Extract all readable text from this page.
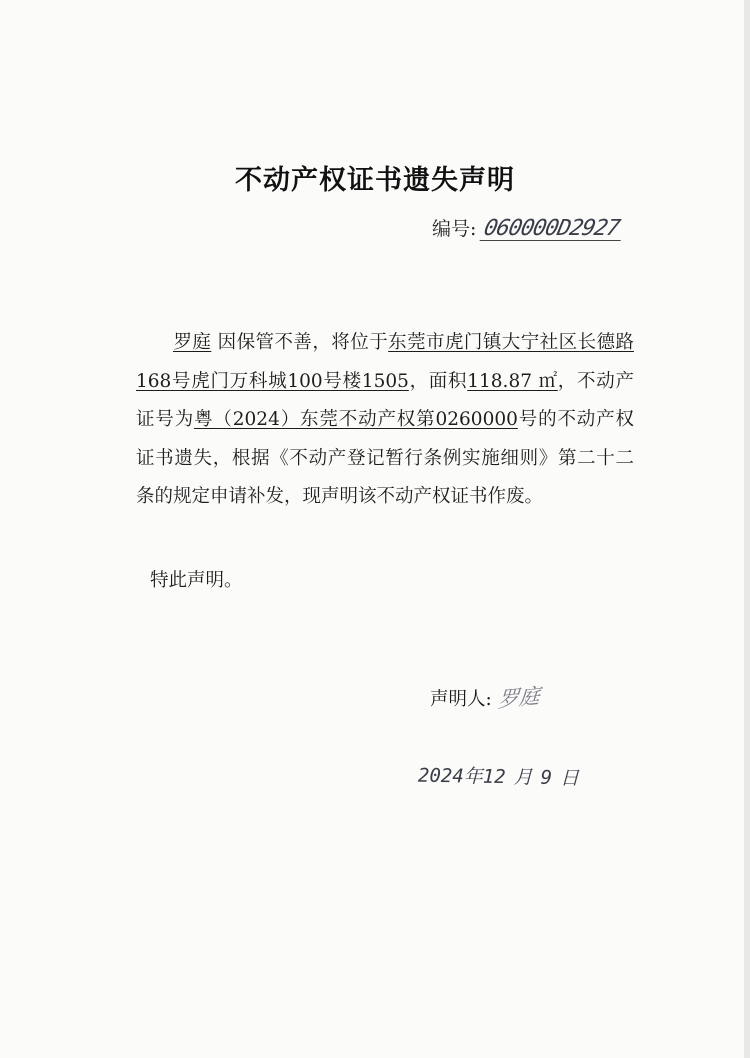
不动产权证书遗失声明
编号: 060000D2927
罗庭 因保管不善，将位于东莞市虎门镇大宁社区长德路168号虎门万科城100号楼1505，面积118.87 ㎡，不动产证号为粤（2024）东莞不动产权第0260000号的不动产权证书遗失，根据《不动产登记暂行条例实施细则》第二十二条的规定申请补发，现声明该不动产权证书作废。
特此声明。
声明人: 罗庭
2024年12 月 9 日
